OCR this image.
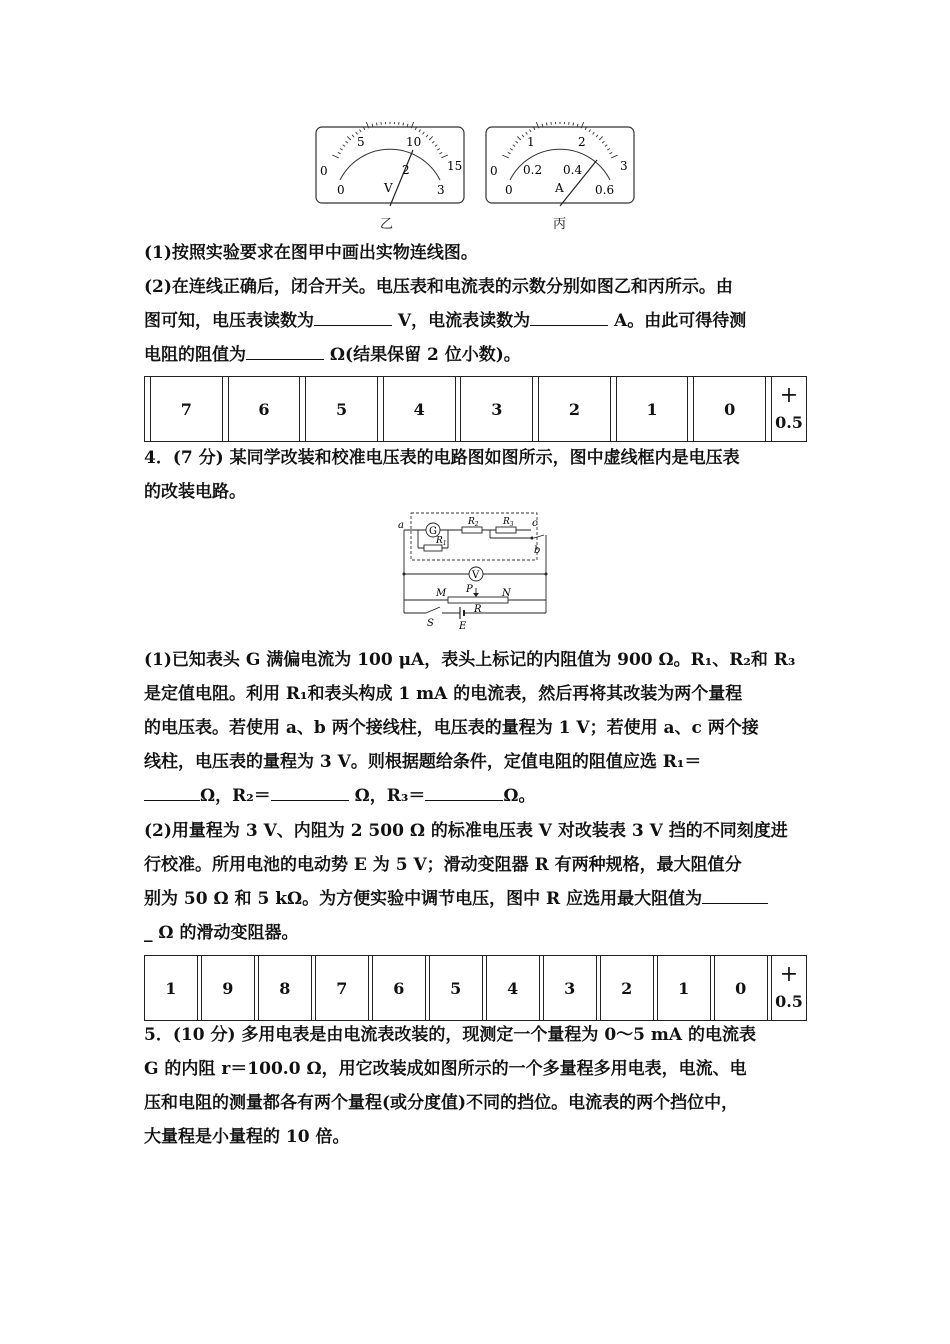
0
5	10
15
0
2
3
V
0
1	2
3
0
0.2 0.4
0.6
A
乙	丙
(1)按照实验要求在图甲中画出实物连线图。
(2)在连线正确后，闭合开关。电压表和电流表的示数分别如图乙和丙所示。由
图可知，电压表读数为	V，电流表读数为	A。由此可得待测
电阻的阻值为	Ω(结果保留 2 位小数)。
	7		6		5		4		3		2		1		0		+
0.5
4．(7 分) 某同学改装和校准电压表的电路图如图所示，图中虚线框内是电压表
的改装电路。
G
$R_1$
$R_2$	$R_3$
a	c
b
V
M P	N
R
S	E
(1)已知表头 G 满偏电流为 100 μA，表头上标记的内阻值为 900 Ω。R₁、R₂和 R₃
是定值电阻。利用 R₁和表头构成 1 mA 的电流表，然后再将其改装为两个量程
的电压表。若使用 a、b 两个接线柱，电压表的量程为 1 V；若使用 a、c 两个接
线柱，电压表的量程为 3 V。则根据题给条件，定值电阻的阻值应选 R₁＝
Ω，R₂＝	Ω，R₃＝	Ω。
(2)用量程为 3 V、内阻为 2 500 Ω 的标准电压表 V 对改装表 3 V 挡的不同刻度进
行校准。所用电池的电动势 E 为 5 V；滑动变阻器 R 有两种规格，最大阻值分
别为 50 Ω 和 5 kΩ。为方便实验中调节电压，图中 R 应选用最大阻值为
_ Ω 的滑动变阻器。
1		9		8		7		6		5		4		3		2		1		0		+
0.5
5．(10 分) 多用电表是由电流表改装的，现测定一个量程为 0～5 mA 的电流表
G 的内阻 r＝100.0 Ω，用它改装成如图所示的一个多量程多用电表，电流、电
压和电阻的测量都各有两个量程(或分度值)不同的挡位。电流表的两个挡位中，
大量程是小量程的 10 倍。
